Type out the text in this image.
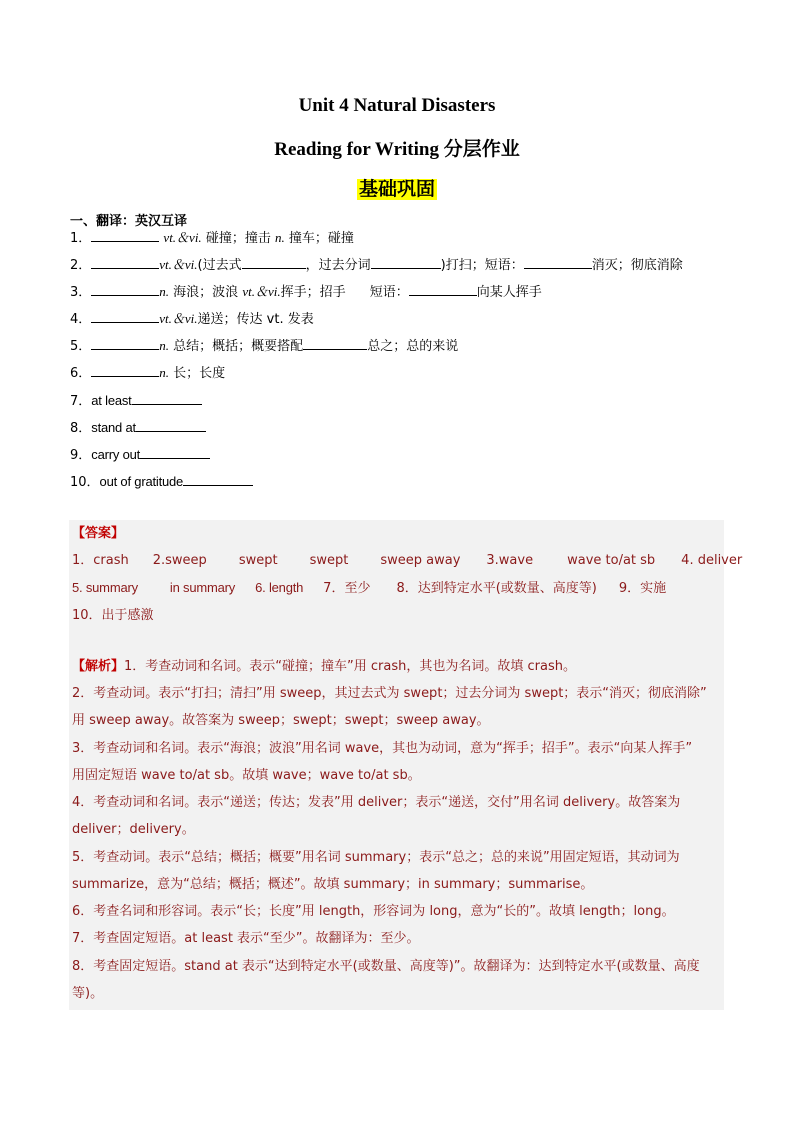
Unit 4 Natural Disasters
Reading for Writing 分层作业
基础巩固
一、翻译：英汉互译
1．	vt.＆vi. 碰撞；撞击 n. 撞车；碰撞
2．	vt.＆vi.(过去式	，过去分词	)打扫；短语：	消灭；彻底消除
3．	n. 海浪；波浪 vt.＆vi.挥手；招手 短语：	向某人挥手
4．	vt.＆vi.递送；传达 vt. 发表
5．	n. 总结；概括；概要搭配	总之；总的来说
6．	n. 长；长度
7．at least
8．stand at
9．carry out
10．out of gratitude
【答案】
1．crash 2.sweep swept swept sweep away 3.wave	wave to/at sb 4. deliver
5. summary in summary 6. length 7．至少 8．达到特定水平(或数量、高度等) 9．实施
10．出于感激
【解析】1．考查动词和名词。表示“碰撞；撞车”用 crash，其也为名词。故填 crash。
2．考查动词。表示“打扫；清扫”用 sweep，其过去式为 swept；过去分词为 swept；表示“消灭；彻底消除”
用 sweep away。故答案为 sweep；swept；swept；sweep away。
3．考查动词和名词。表示“海浪；波浪”用名词 wave，其也为动词，意为“挥手；招手”。表示“向某人挥手”
用固定短语 wave to/at sb。故填 wave；wave to/at sb。
4．考查动词和名词。表示“递送；传达；发表”用 deliver；表示“递送，交付”用名词 delivery。故答案为
deliver；delivery。
5．考查动词。表示“总结；概括；概要”用名词 summary；表示“总之；总的来说”用固定短语，其动词为
summarize，意为“总结；概括；概述”。故填 summary；in summary；summarise。
6．考查名词和形容词。表示“长；长度”用 length，形容词为 long，意为“长的”。故填 length；long。
7．考查固定短语。at least 表示“至少”。故翻译为：至少。
8．考查固定短语。stand at 表示“达到特定水平(或数量、高度等)”。故翻译为：达到特定水平(或数量、高度
等)。
